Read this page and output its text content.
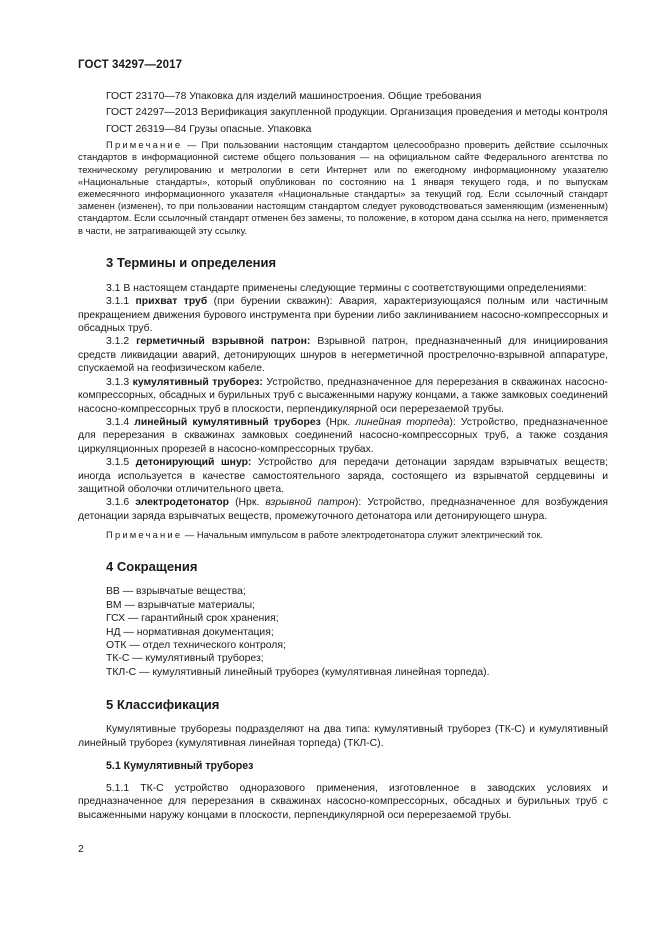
ГОСТ 34297—2017

ГОСТ 23170—78 Упаковка для изделий машиностроения. Общие требования

ГОСТ 24297—2013 Верификация закупленной продукции. Организация проведения и методы контроля

ГОСТ 26319—84 Грузы опасные. Упаковка

Примечание — При пользовании настоящим стандартом целесообразно проверить действие ссылочных стандартов в информационной системе общего пользования — на официальном сайте Федерального агентства по техническому регулированию и метрологии в сети Интернет или по ежегодному информационному указателю «Национальные стандарты», который опубликован по состоянию на 1 января текущего года, и по выпускам ежемесячного информационного указателя «Национальные стандарты» за текущий год. Если ссылочный стандарт заменен (изменен), то при пользовании настоящим стандартом следует руководствоваться заменяющим (измененным) стандартом. Если ссылочный стандарт отменен без замены, то положение, в котором дана ссылка на него, применяется в части, не затрагивающей эту ссылку.

3 Термины и определения

3.1 В настоящем стандарте применены следующие термины с соответствующими определениями:

3.1.1 прихват труб (при бурении скважин): Авария, характеризующаяся полным или частичным прекращением движения бурового инструмента при бурении либо заклиниванием насосно-компрессорных и обсадных труб.

3.1.2 герметичный взрывной патрон: Взрывной патрон, предназначенный для инициирования средств ликвидации аварий, детонирующих шнуров в негерметичной прострелочно-взрывной аппаратуре, спускаемой на геофизическом кабеле.

3.1.3 кумулятивный труборез: Устройство, предназначенное для перерезания в скважинах насосно-компрессорных, обсадных и бурильных труб с высаженными наружу концами, а также замковых соединений насосно-компрессорных труб в плоскости, перпендикулярной оси перерезаемой трубы.

3.1.4 линейный кумулятивный труборез (Нрк. линейная торпеда): Устройство, предназначенное для перерезания в скважинах замковых соединений насосно-компрессорных труб, а также создания циркуляционных прорезей в насосно-компрессорных трубах.

3.1.5 детонирующий шнур: Устройство для передачи детонации зарядам взрывчатых веществ; иногда используется в качестве самостоятельного заряда, состоящего из взрывчатой сердцевины и защитной оболочки отличительного цвета.

3.1.6 электродетонатор (Нрк. взрывной патрон): Устройство, предназначенное для возбуждения детонации заряда взрывчатых веществ, промежуточного детонатора или детонирующего шнура.

Примечание — Начальным импульсом в работе электродетонатора служит электрический ток.

4 Сокращения

ВВ — взрывчатые вещества;

ВМ — взрывчатые материалы;

ГСХ — гарантийный срок хранения;

НД — нормативная документация;

ОТК — отдел технического контроля;

ТК-С — кумулятивный труборез;

ТКЛ-С — кумулятивный линейный труборез (кумулятивная линейная торпеда).

5 Классификация

Кумулятивные труборезы подразделяют на два типа: кумулятивный труборез (ТК-С) и кумулятивный линейный труборез (кумулятивная линейная торпеда) (ТКЛ-С).

5.1 Кумулятивный труборез

5.1.1 ТК-С устройство одноразового применения, изготовленное в заводских условиях и предназначенное для перерезания в скважинах насосно-компрессорных, обсадных и бурильных труб с высаженными наружу концами в плоскости, перпендикулярной оси перерезаемой трубы.

2
